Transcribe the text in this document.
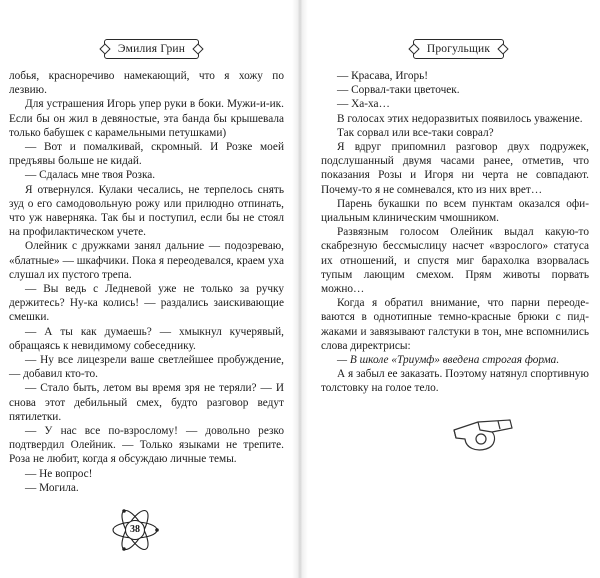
Эмилия Грин

лобья, красноречиво намекающий, что я хожу по лезвию.

Для устрашения Игорь упер руки в боки. Мужи-и-ик. Если бы он жил в девяностые, эта банда бы крышевала только бабушек с карамельными петушками)

— Вот и помалкивай, скромный. И Розке моей предъявы больше не кидай.

— Сдалась мне твоя Розка.

Я отвернулся. Кулаки чесались, не терпелось снять зуд о его самодовольную рожу или прилюдно отпинать, что уж наверняка. Так бы и поступил, если бы не стоял на профилактическом учете.

Олейник с дружками занял дальние — подозреваю, «блатные» — шкафчики. Пока я переодевался, краем уха слушал их пустого трепа.

— Вы ведь с Ледневой уже не только за ручку держитесь? Ну-ка колись! — раздались заискивающие смешки.

— А ты как думаешь? — хмыкнул кучерявый, обращаясь к невидимому собеседнику.

— Ну все лицезрели ваше светлейшее пробуждение, — добавил кто-то.

— Стало быть, летом вы время зря не теряли? — И снова этот дебильный смех, будто разговор ведут пятилетки.

— У нас все по-взрослому! — довольно резко подтвердил Олейник. — Только языками не трепите. Роза не любит, когда я обсуждаю личные темы.

— Не вопрос!

— Могила.

38
Прогульщик

— Красава, Игорь!

— Сорвал-таки цветочек.

— Ха-ха…

В голосах этих недоразвитых появилось уважение.

Так сорвал или все-таки соврал?

Я вдруг припомнил разговор двух подружек, подслушанный двумя часами ранее, отметив, что показания Розы и Игоря ни черта не совпадают. Почему-то я не сомневался, кто из них врет…

Парень букашки по всем пунктам оказался официальным клиническим чмошником.

Развязным голосом Олейник выдал какую-то скабрезную бессмыслицу насчет «взрослого» статуса их отношений, и спустя миг барахолка взорвалась тупым лающим смехом. Прям животы порвать можно…

Когда я обратил внимание, что парни переодеваются в однотипные темно-красные брюки с пиджаками и завязывают галстуки в тон, мне вспомнились слова директрисы:

— В школе «Триумф» введена строгая форма.

А я забыл ее заказать. Поэтому натянул спортивную толстовку на голое тело.
